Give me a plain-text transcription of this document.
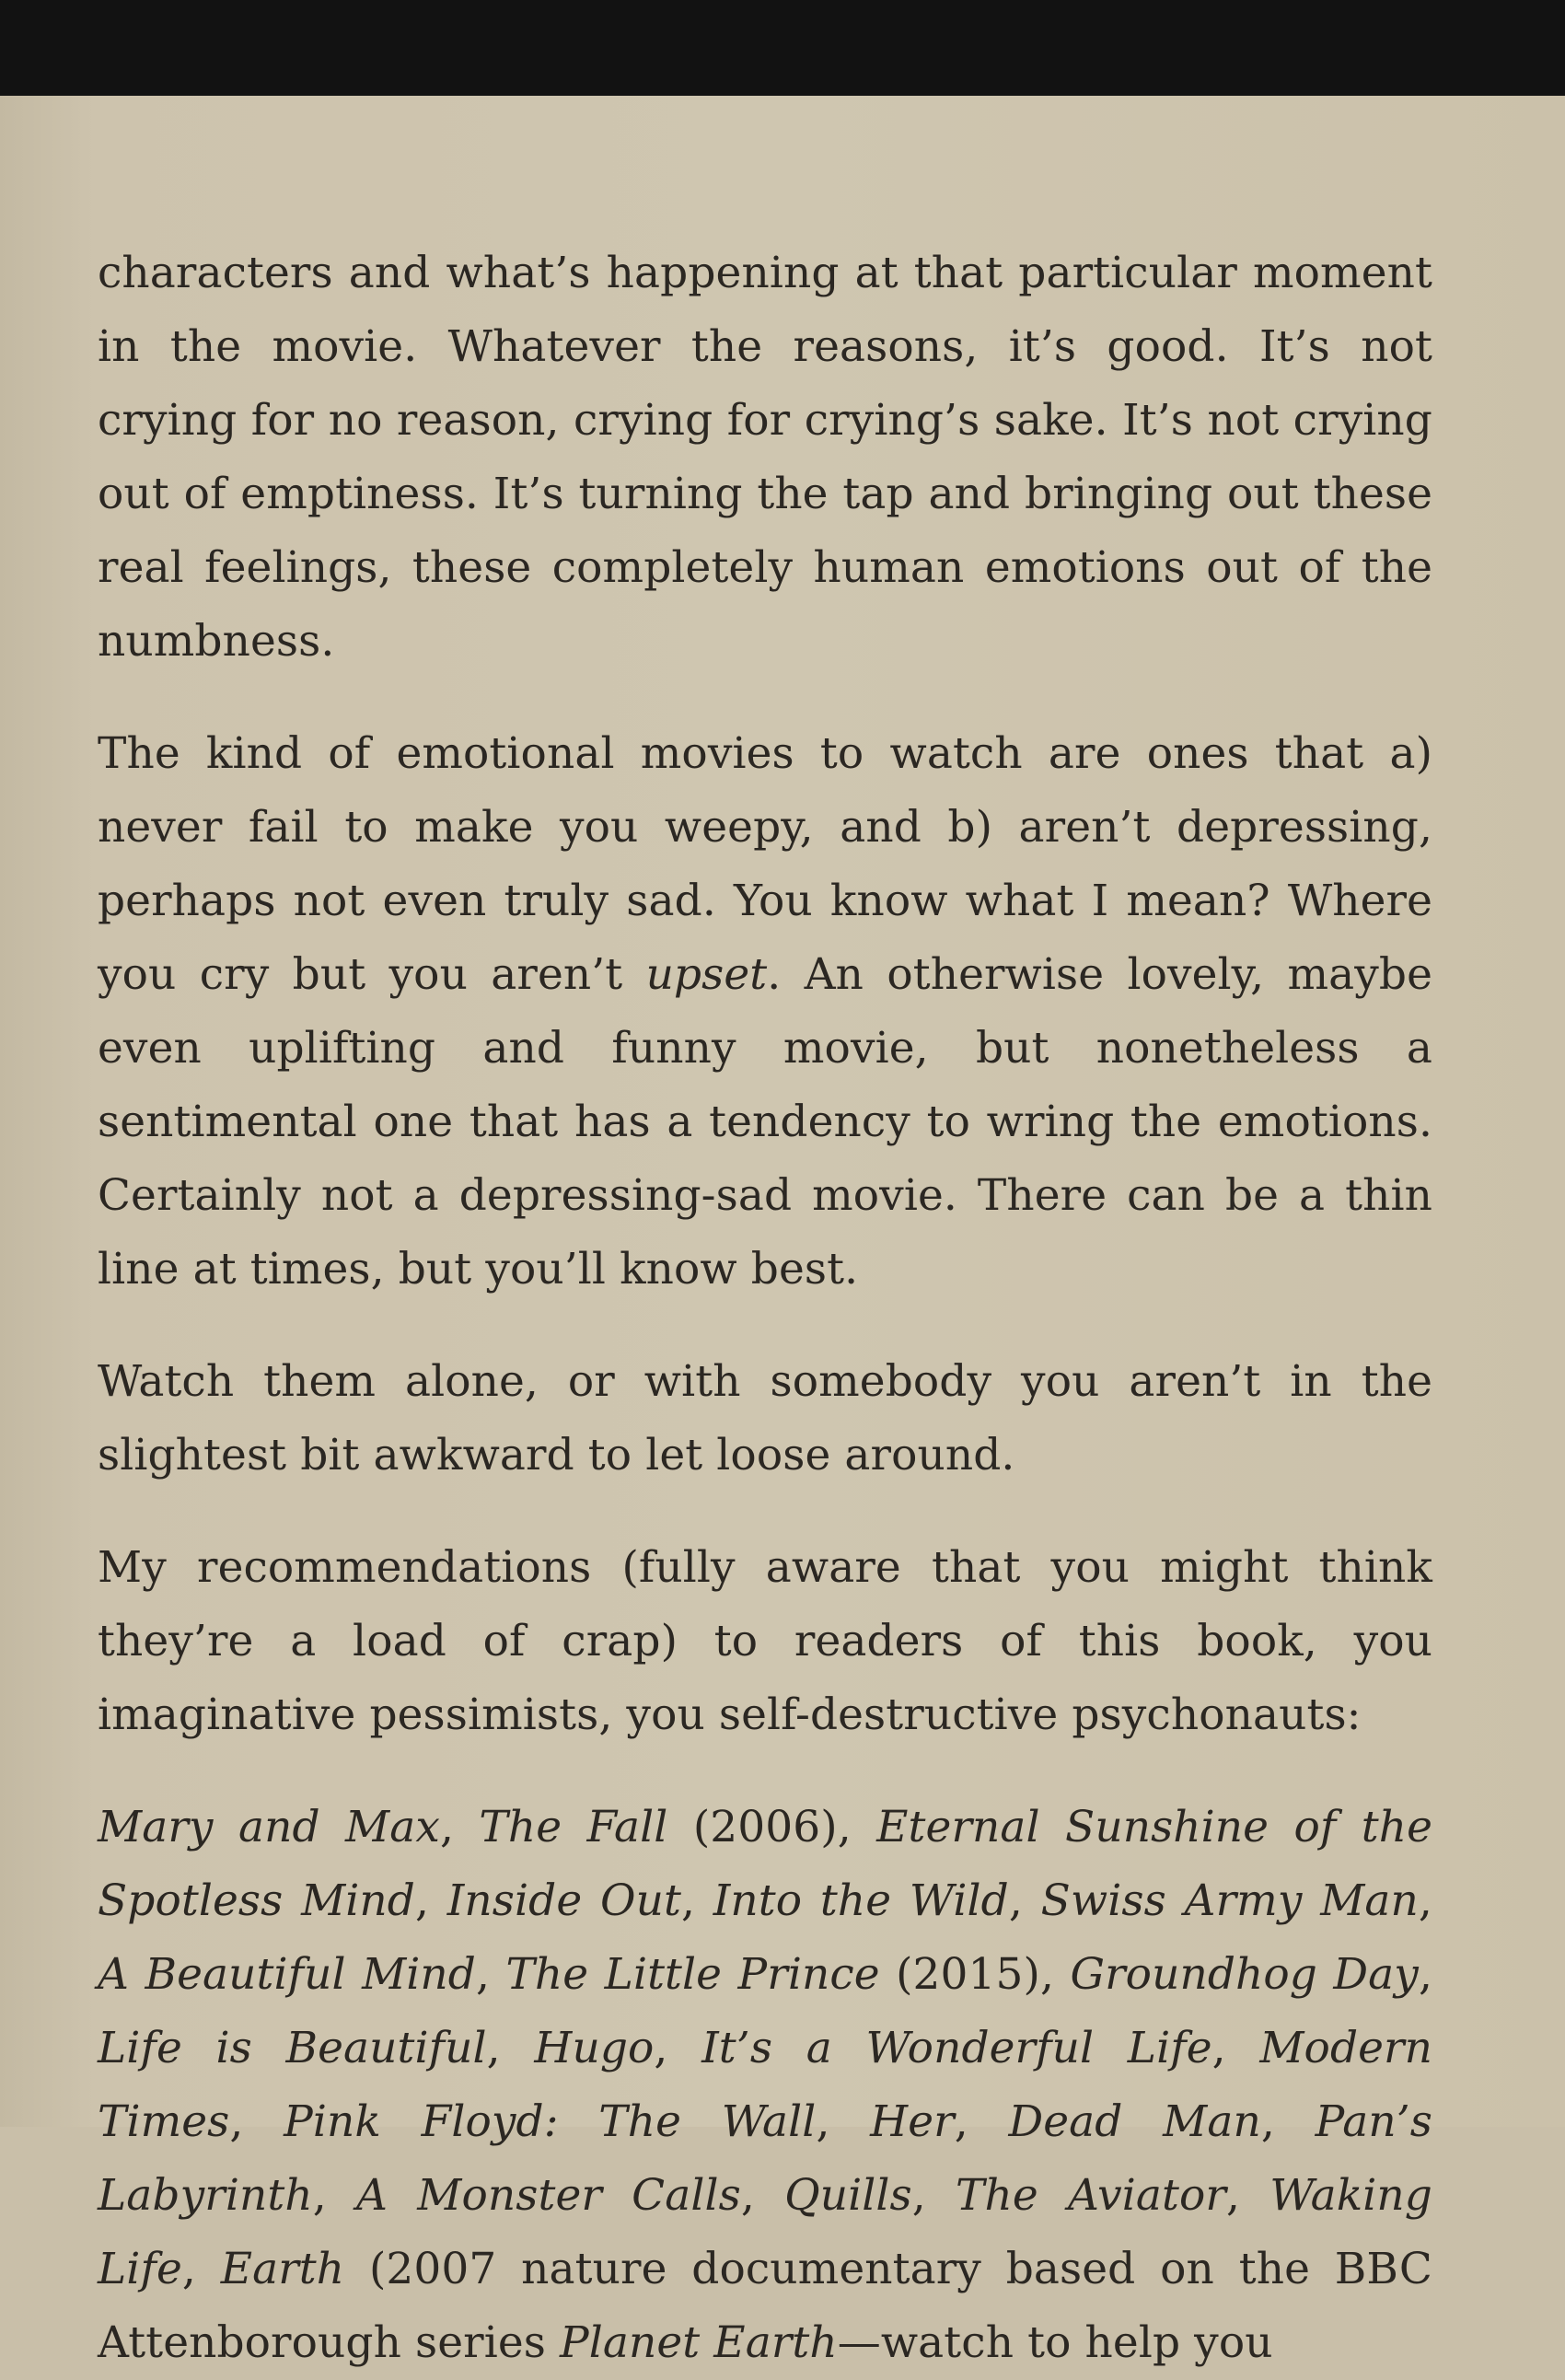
characters and what’s happening at that particular moment in the movie. Whatever the reasons, it’s good. It’s not crying for no reason, crying for crying’s sake. It’s not crying out of emptiness. It’s turning the tap and bringing out these real feelings, these completely human emotions out of the numbness.

The kind of emotional movies to watch are ones that a) never fail to make you weepy, and b) aren’t depressing, perhaps not even truly sad. You know what I mean? Where you cry but you aren’t upset. An otherwise lovely, maybe even uplifting and funny movie, but nonetheless a sentimental one that has a tendency to wring the emotions. Certainly not a depressing-sad movie. There can be a thin line at times, but you’ll know best.

Watch them alone, or with somebody you aren’t in the slightest bit awkward to let loose around.

My recommendations (fully aware that you might think they’re a load of crap) to readers of this book, you imaginative pessimists, you self-destructive psychonauts:

Mary and Max, The Fall (2006), Eternal Sunshine of the Spotless Mind, Inside Out, Into the Wild, Swiss Army Man, A Beautiful Mind, The Little Prince (2015), Groundhog Day, Life is Beautiful, Hugo, It’s a Wonderful Life, Modern Times, Pink Floyd: The Wall, Her, Dead Man, Pan’s Labyrinth, A Monster Calls, Quills, The Aviator, Waking Life, Earth (2007 nature documentary based on the BBC Attenborough series Planet Earth—watch to help you
